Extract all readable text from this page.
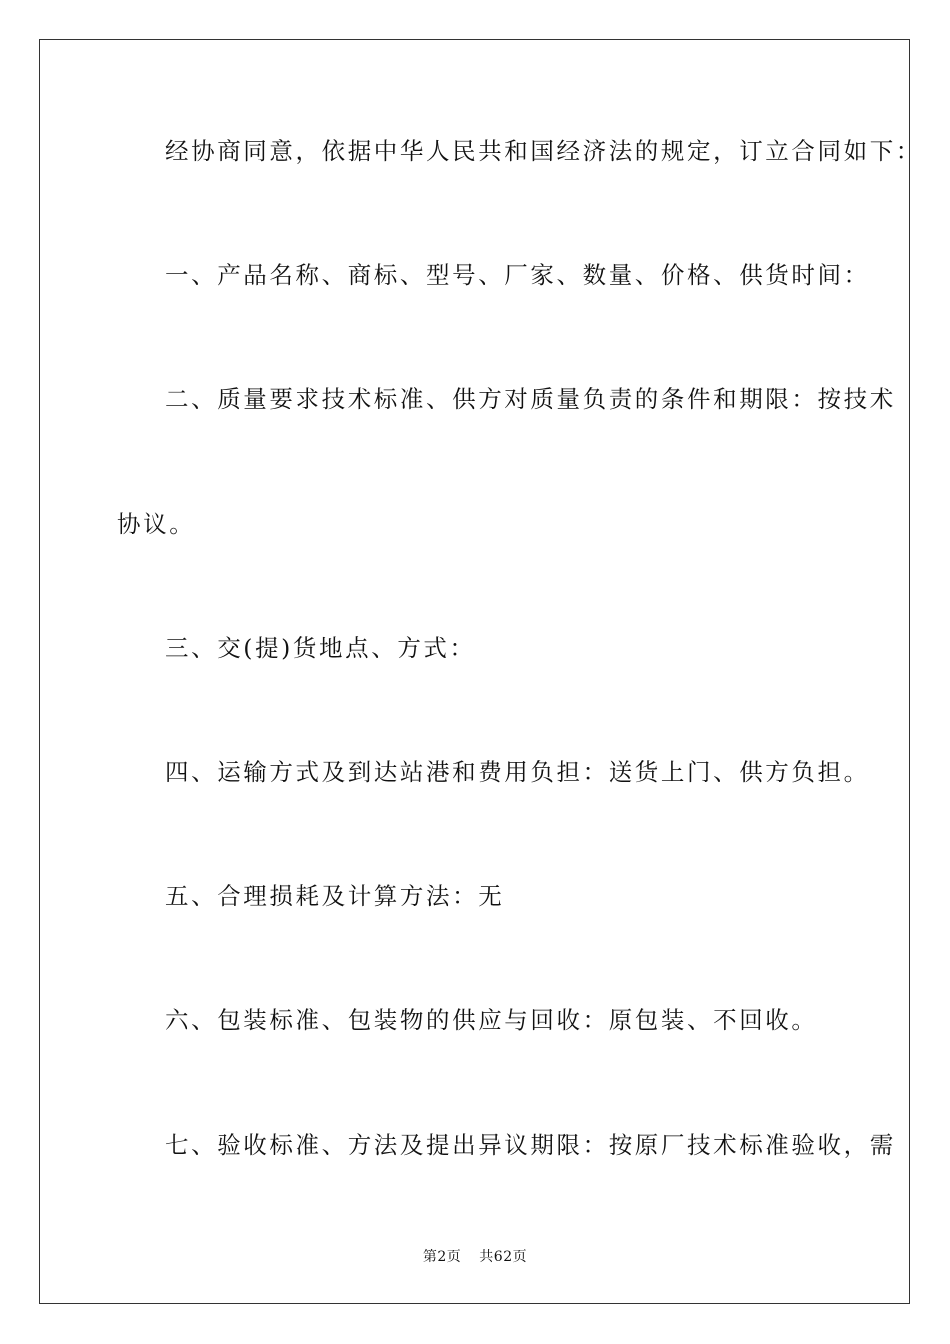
经协商同意，依据中华人民共和国经济法的规定，订立合同如下：
一、产品名称、商标、型号、厂家、数量、价格、供货时间：
二、质量要求技术标准、供方对质量负责的条件和期限：按技术
协议。
三、交(提)货地点、方式：
四、运输方式及到达站港和费用负担：送货上门、供方负担。
五、合理损耗及计算方法：无
六、包装标准、包装物的供应与回收：原包装、不回收。
七、验收标准、方法及提出异议期限：按原厂技术标准验收，需
第2页 共62页
